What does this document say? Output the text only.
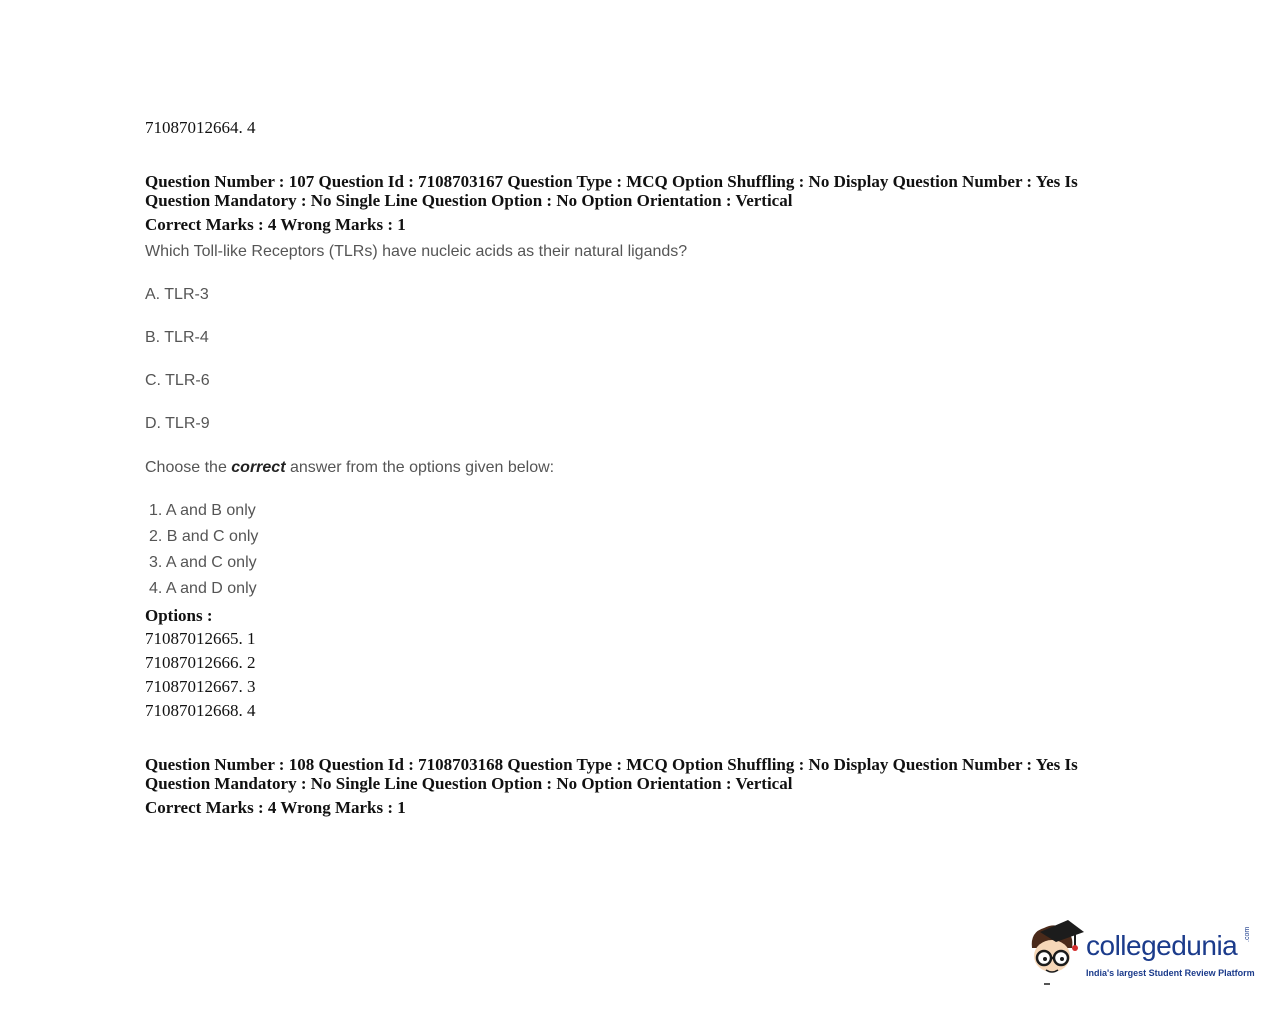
71087012664. 4
Question Number : 107 Question Id : 7108703167 Question Type : MCQ Option Shuffling : No Display Question Number : Yes Is
Question Mandatory : No Single Line Question Option : No Option Orientation : Vertical
Correct Marks : 4 Wrong Marks : 1
Which Toll-like Receptors (TLRs) have nucleic acids as their natural ligands?
A. TLR-3
B. TLR-4
C. TLR-6
D. TLR-9
Choose the correct answer from the options given below:
1. A and B only
2. B and C only
3. A and C only
4. A and D only
Options :
71087012665. 1
71087012666. 2
71087012667. 3
71087012668. 4
Question Number : 108 Question Id : 7108703168 Question Type : MCQ Option Shuffling : No Display Question Number : Yes Is
Question Mandatory : No Single Line Question Option : No Option Orientation : Vertical
Correct Marks : 4 Wrong Marks : 1
collegedunia .com
India's largest Student Review Platform
